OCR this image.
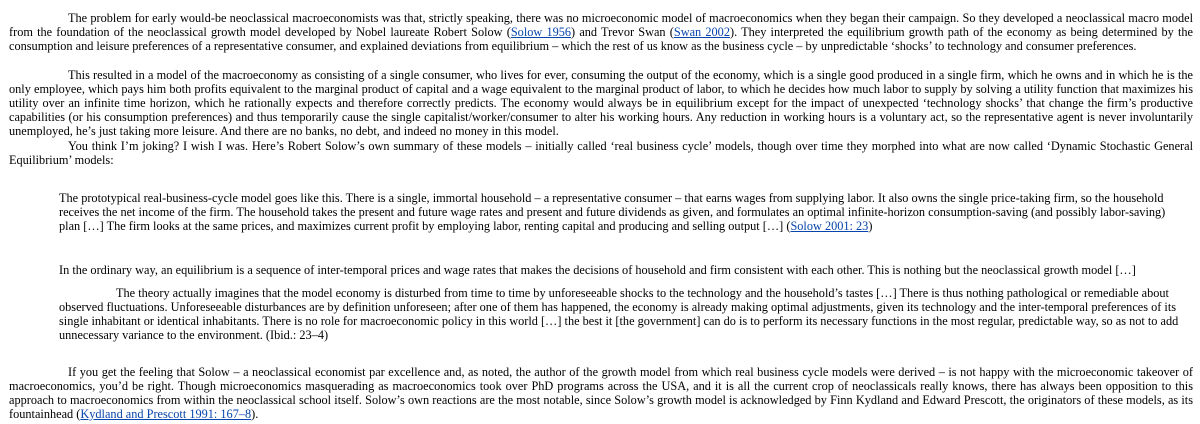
The problem for early would-be neoclassical macroeconomists was that, strictly speaking, there was no microeconomic model of macroeconomics when they began their campaign. So they developed a neoclassical macro model from the foundation of the neoclassical growth model developed by Nobel laureate Robert Solow (Solow 1956) and Trevor Swan (Swan 2002). They interpreted the equilibrium growth path of the economy as being determined by the consumption and leisure preferences of a representative consumer, and explained deviations from equilibrium – which the rest of us know as the business cycle – by unpredictable ‘shocks’ to technology and consumer preferences.

This resulted in a model of the macroeconomy as consisting of a single consumer, who lives for ever, consuming the output of the economy, which is a single good produced in a single firm, which he owns and in which he is the only employee, which pays him both profits equivalent to the marginal product of capital and a wage equivalent to the marginal product of labor, to which he decides how much labor to supply by solving a utility function that maximizes his utility over an infinite time horizon, which he rationally expects and therefore correctly predicts. The economy would always be in equilibrium except for the impact of unexpected ‘technology shocks’ that change the firm’s productive capabilities (or his consumption preferences) and thus temporarily cause the single capitalist/worker/consumer to alter his working hours. Any reduction in working hours is a voluntary act, so the representative agent is never involuntarily unemployed, he’s just taking more leisure. And there are no banks, no debt, and indeed no money in this model.

You think I’m joking? I wish I was. Here’s Robert Solow’s own summary of these models – initially called ‘real business cycle’ models, though over time they morphed into what are now called ‘Dynamic Stochastic General Equilibrium’ models:

The prototypical real-business-cycle model goes like this. There is a single, immortal household – a representative consumer – that earns wages from supplying labor. It also owns the single price-taking firm, so the household receives the net income of the firm. The household takes the present and future wage rates and present and future dividends as given, and formulates an optimal infinite-horizon consumption-saving (and possibly labor-saving) plan […] The firm looks at the same prices, and maximizes current profit by employing labor, renting capital and producing and selling output […] (Solow 2001: 23)

In the ordinary way, an equilibrium is a sequence of inter-temporal prices and wage rates that makes the decisions of household and firm consistent with each other. This is nothing but the neoclassical growth model […]

The theory actually imagines that the model economy is disturbed from time to time by unforeseeable shocks to the technology and the household’s tastes […] There is thus nothing pathological or remediable about observed fluctuations. Unforeseeable disturbances are by definition unforeseen; after one of them has happened, the economy is already making optimal adjustments, given its technology and the inter-temporal preferences of its single inhabitant or identical inhabitants. There is no role for macroeconomic policy in this world […] the best it [the government] can do is to perform its necessary functions in the most regular, predictable way, so as not to add unnecessary variance to the environment. (Ibid.: 23–4)

If you get the feeling that Solow – a neoclassical economist par excellence and, as noted, the author of the growth model from which real business cycle models were derived – is not happy with the microeconomic takeover of macroeconomics, you’d be right. Though microeconomics masquerading as macroeconomics took over PhD programs across the USA, and it is all the current crop of neoclassicals really knows, there has always been opposition to this approach to macroeconomics from within the neoclassical school itself. Solow’s own reactions are the most notable, since Solow’s growth model is acknowledged by Finn Kydland and Edward Prescott, the originators of these models, as its fountainhead (Kydland and Prescott 1991: 167–8).
